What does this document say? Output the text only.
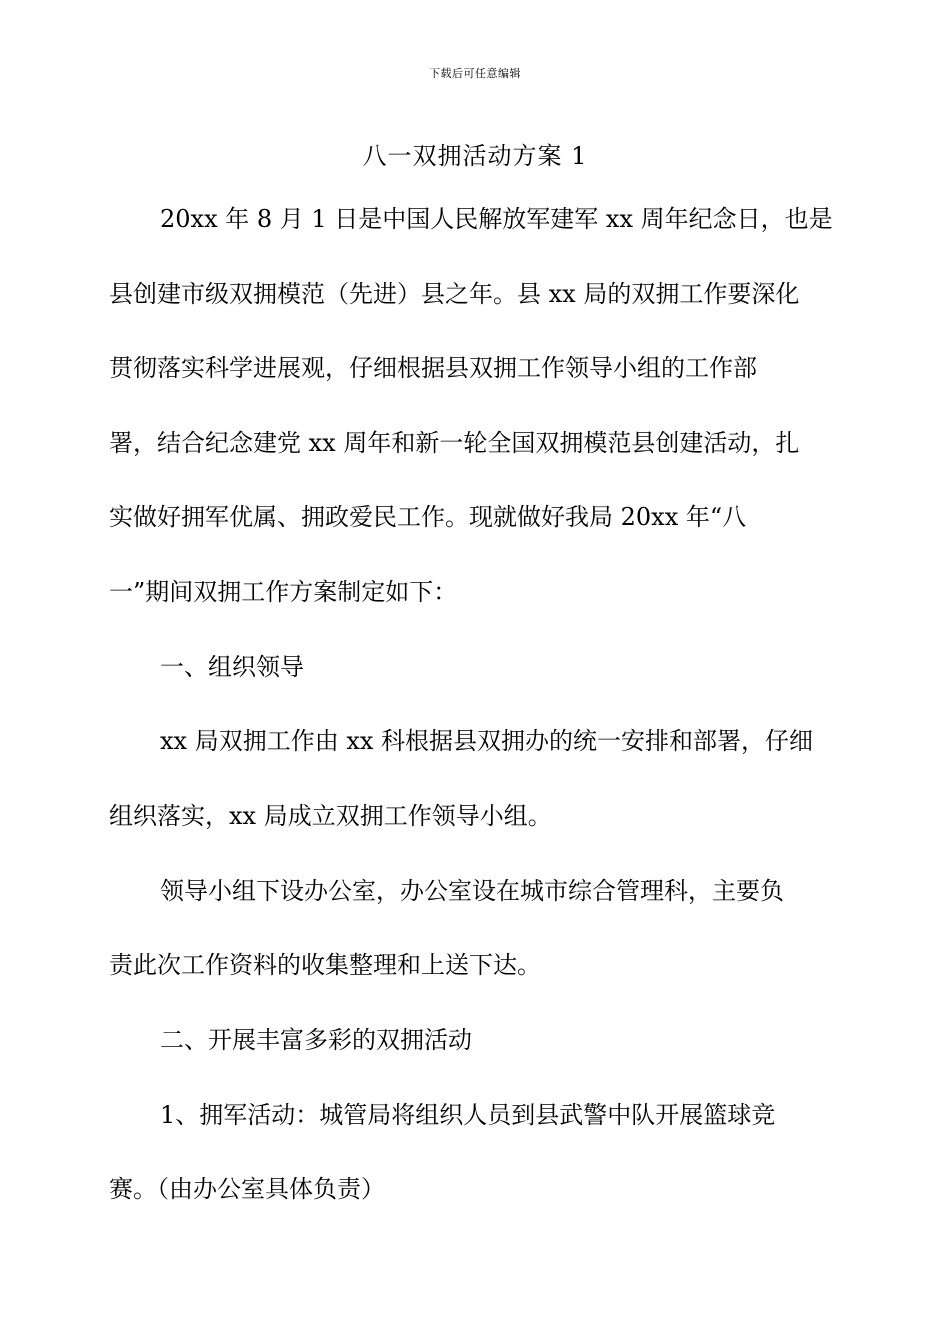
下载后可任意编辑
八一双拥活动方案 1
20xx 年 8 月 1 日是中国人民解放军建军 xx 周年纪念日，也是
县创建市级双拥模范（先进）县之年。县 xx 局的双拥工作要深化
贯彻落实科学进展观，仔细根据县双拥工作领导小组的工作部
署，结合纪念建党 xx 周年和新一轮全国双拥模范县创建活动，扎
实做好拥军优属、拥政爱民工作。现就做好我局 20xx 年“八
一”期间双拥工作方案制定如下：
一、组织领导
xx 局双拥工作由 xx 科根据县双拥办的统一安排和部署，仔细
组织落实，xx 局成立双拥工作领导小组。
领导小组下设办公室，办公室设在城市综合管理科，主要负
责此次工作资料的收集整理和上送下达。
二、开展丰富多彩的双拥活动
1、拥军活动：城管局将组织人员到县武警中队开展篮球竞
赛。（由办公室具体负责）
